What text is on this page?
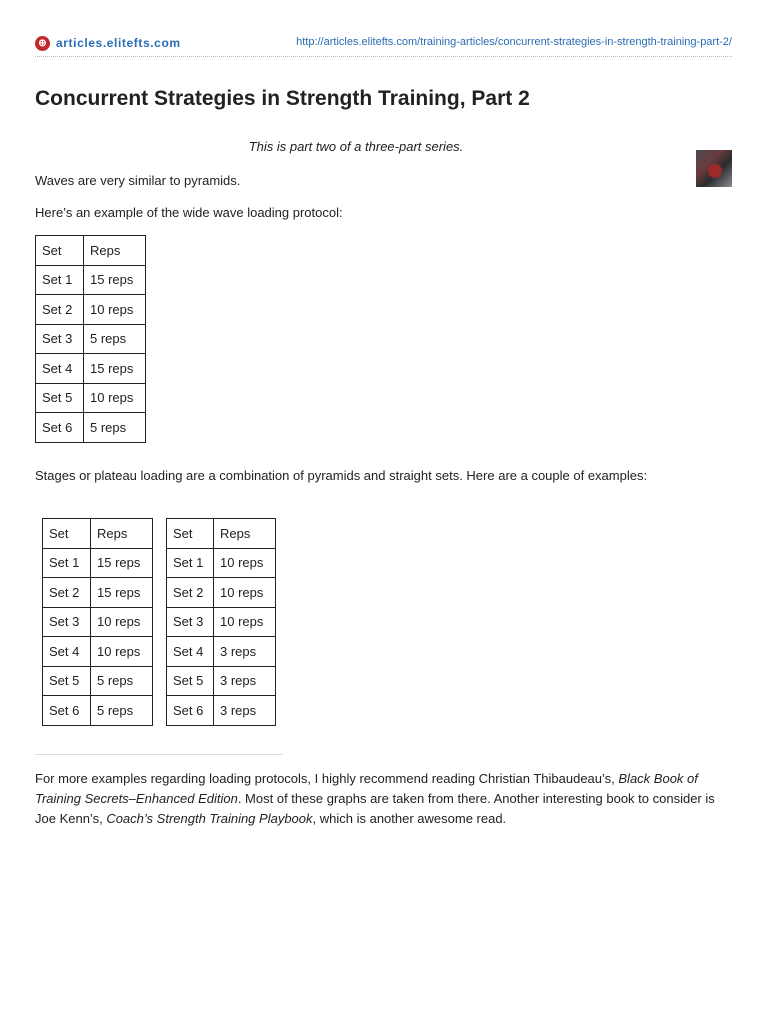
⊕ articles.elitefts.com	http://articles.elitefts.com/training-articles/concurrent-strategies-in-strength-training-part-2/
Concurrent Strategies in Strength Training, Part 2
This is part two of a three-part series.

Waves are very similar to pyramids.

Here’s an example of the wide wave loading protocol:

Set	Reps
Set 1	15 reps
Set 2	10 reps
Set 3	5 reps
Set 4	15 reps
Set 5	10 reps
Set 6	5 reps

Stages or plateau loading are a combination of pyramids and straight sets. Here are a couple of examples:

Set	Reps
Set 1	15 reps
Set 2	15 reps
Set 3	10 reps
Set 4	10 reps
Set 5	5 reps
Set 6	5 reps
Set	Reps
Set 1	10 reps
Set 2	10 reps
Set 3	10 reps
Set 4	3 reps
Set 5	3 reps
Set 6	3 reps

For more examples regarding loading protocols, I highly recommend reading Christian Thibaudeau’s, Black Book of Training Secrets–Enhanced Edition. Most of these graphs are taken from there. Another interesting book to consider is Joe Kenn’s, Coach’s Strength Training Playbook, which is another awesome read.
